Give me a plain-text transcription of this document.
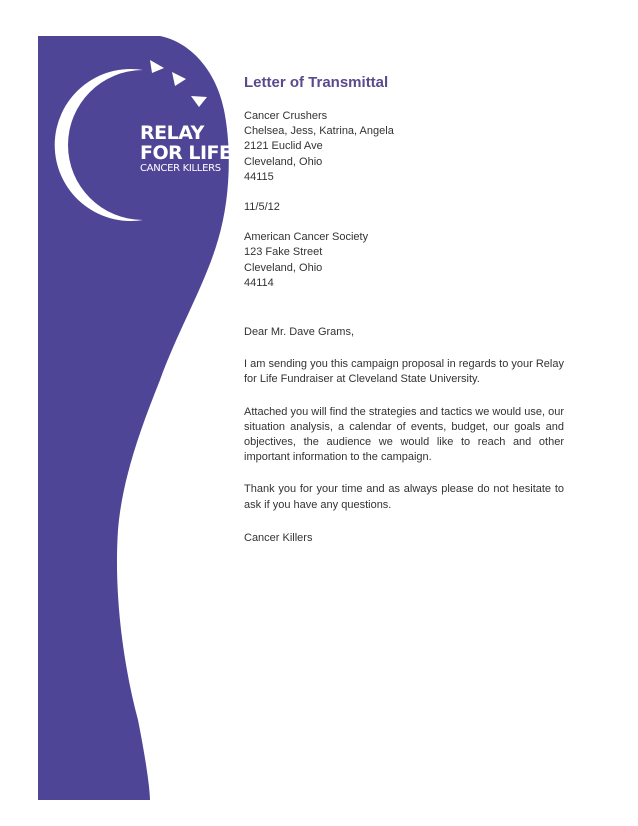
RELAY
FOR LIFE
CANCER KILLERS
Letter of Transmittal
Cancer Crushers
Chelsea, Jess, Katrina, Angela
2121 Euclid Ave
Cleveland, Ohio
44115
11/5/12
American Cancer Society
123 Fake Street
Cleveland, Ohio
44114
Dear Mr. Dave Grams,

I am sending you this campaign proposal in regards to your Relay for Life Fundraiser at Cleveland State University.

Attached you will find the strategies and tactics we would use, our situation analysis, a calendar of events, budget, our goals and objectives, the audience we would like to reach and other important information to the campaign.

Thank you for your time and as always please do not hesitate to ask if you have any questions.

Cancer Killers
